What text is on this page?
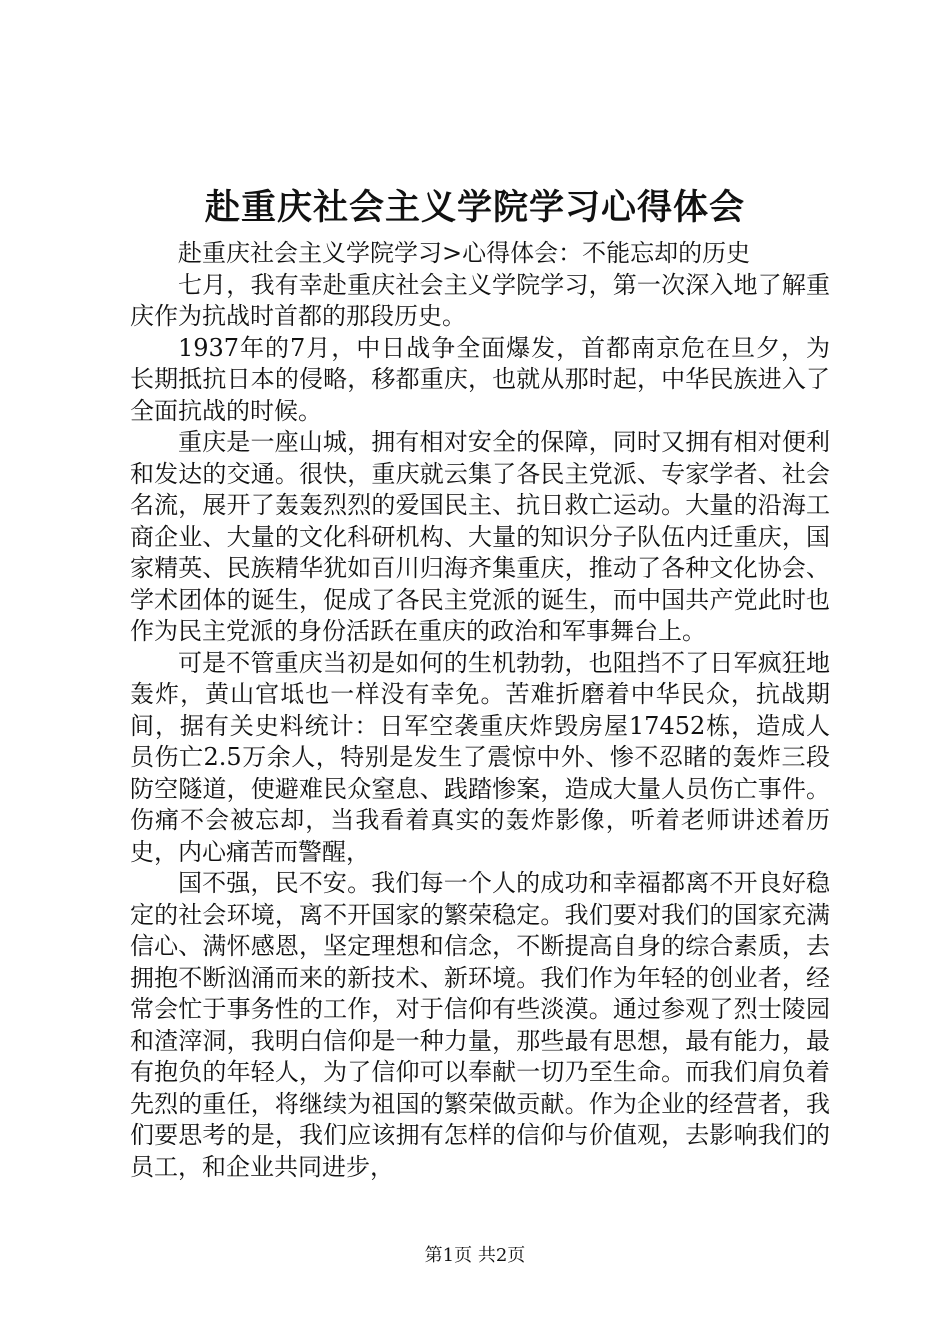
赴重庆社会主义学院学习心得体会

赴重庆社会主义学院学习>心得体会：不能忘却的历史

七月，我有幸赴重庆社会主义学院学习，第一次深入地了解重庆作为抗战时首都的那段历史。

1937年的7月，中日战争全面爆发，首都南京危在旦夕，为长期抵抗日本的侵略，移都重庆，也就从那时起，中华民族进入了全面抗战的时候。

重庆是一座山城，拥有相对安全的保障，同时又拥有相对便利和发达的交通。很快，重庆就云集了各民主党派、专家学者、社会名流，展开了轰轰烈烈的爱国民主、抗日救亡运动。大量的沿海工商企业、大量的文化科研机构、大量的知识分子队伍内迁重庆，国家精英、民族精华犹如百川归海齐集重庆，推动了各种文化协会、学术团体的诞生，促成了各民主党派的诞生，而中国共产党此时也作为民主党派的身份活跃在重庆的政治和军事舞台上。

可是不管重庆当初是如何的生机勃勃，也阻挡不了日军疯狂地轰炸，黄山官坻也一样没有幸免。苦难折磨着中华民众，抗战期间，据有关史料统计：日军空袭重庆炸毁房屋17452栋，造成人员伤亡2.5万余人，特别是发生了震惊中外、惨不忍睹的轰炸三段防空隧道，使避难民众窒息、践踏惨案，造成大量人员伤亡事件。伤痛不会被忘却，当我看着真实的轰炸影像，听着老师讲述着历史，内心痛苦而警醒，

国不强，民不安。我们每一个人的成功和幸福都离不开良好稳定的社会环境，离不开国家的繁荣稳定。我们要对我们的国家充满信心、满怀感恩，坚定理想和信念，不断提高自身的综合素质，去拥抱不断汹涌而来的新技术、新环境。我们作为年轻的创业者，经常会忙于事务性的工作，对于信仰有些淡漠。通过参观了烈士陵园和渣滓洞，我明白信仰是一种力量，那些最有思想，最有能力，最有抱负的年轻人，为了信仰可以奉献一切乃至生命。而我们肩负着先烈的重任，将继续为祖国的繁荣做贡献。作为企业的经营者，我们要思考的是，我们应该拥有怎样的信仰与价值观，去影响我们的员工，和企业共同进步，

第1页 共2页
